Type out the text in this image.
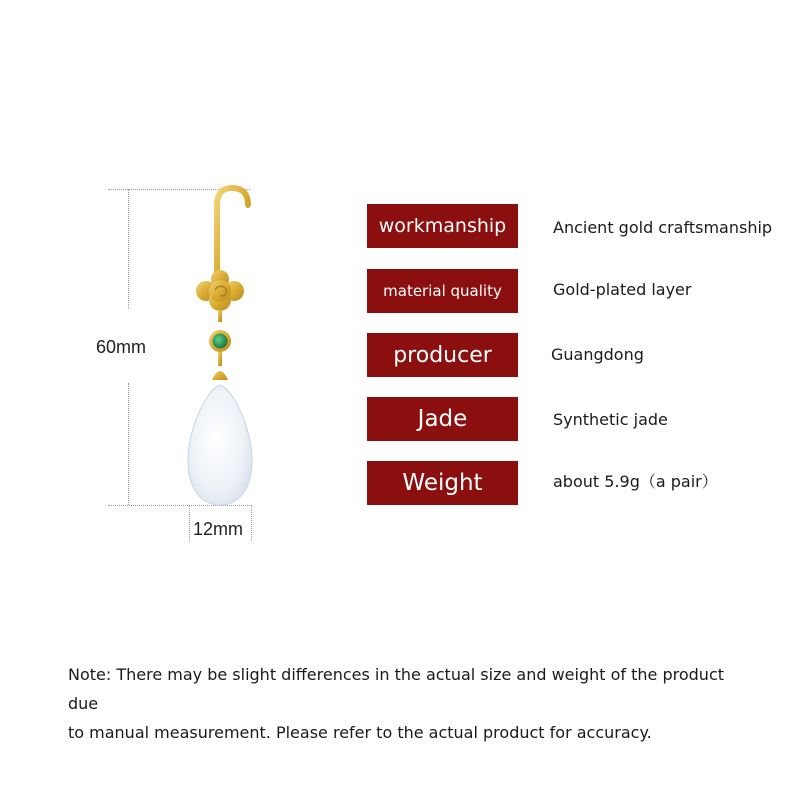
60mm
12mm
workmanship
material quality
producer
Jade
Weight
Ancient gold craftsmanship
Gold-plated layer
Guangdong
Synthetic jade
about 5.9g（a pair）
Note: There may be slight differences in the actual size and weight of the product due
to manual measurement. Please refer to the actual product for accuracy.
